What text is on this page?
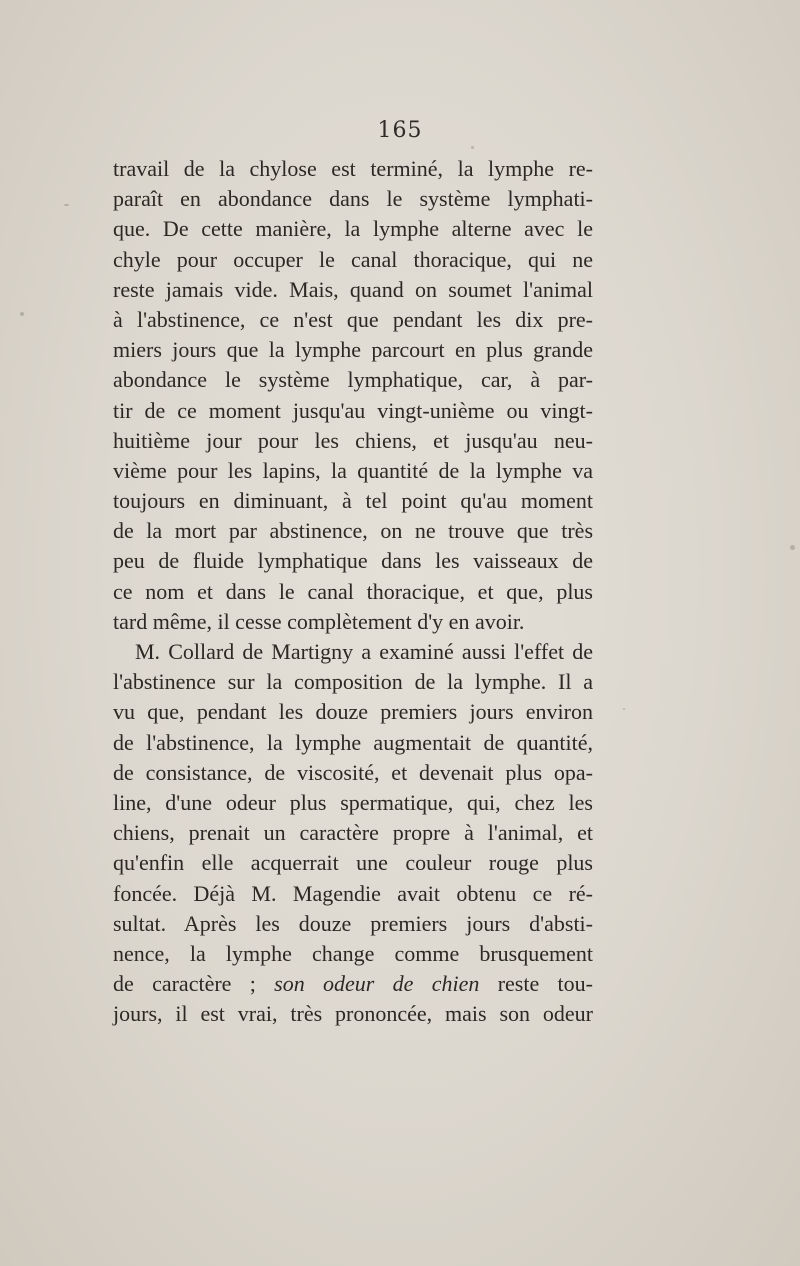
165
travail de la chylose est terminé, la lymphe re-
paraît en abondance dans le système lymphati-
que. De cette manière, la lymphe alterne avec le
chyle pour occuper le canal thoracique, qui ne
reste jamais vide. Mais, quand on soumet l'animal
à l'abstinence, ce n'est que pendant les dix pre-
miers jours que la lymphe parcourt en plus grande
abondance le système lymphatique, car, à par-
tir de ce moment jusqu'au vingt-unième ou vingt-
huitième jour pour les chiens, et jusqu'au neu-
vième pour les lapins, la quantité de la lymphe va
toujours en diminuant, à tel point qu'au moment
de la mort par abstinence, on ne trouve que très
peu de fluide lymphatique dans les vaisseaux de
ce nom et dans le canal thoracique, et que, plus
tard même, il cesse complètement d'y en avoir.
M. Collard de Martigny a examiné aussi l'effet de
l'abstinence sur la composition de la lymphe. Il a
vu que, pendant les douze premiers jours environ
de l'abstinence, la lymphe augmentait de quantité,
de consistance, de viscosité, et devenait plus opa-
line, d'une odeur plus spermatique, qui, chez les
chiens, prenait un caractère propre à l'animal, et
qu'enfin elle acquerrait une couleur rouge plus
foncée. Déjà M. Magendie avait obtenu ce ré-
sultat. Après les douze premiers jours d'absti-
nence, la lymphe change comme brusquement
de caractère ; son odeur de chien reste tou-
jours, il est vrai, très prononcée, mais son odeur
